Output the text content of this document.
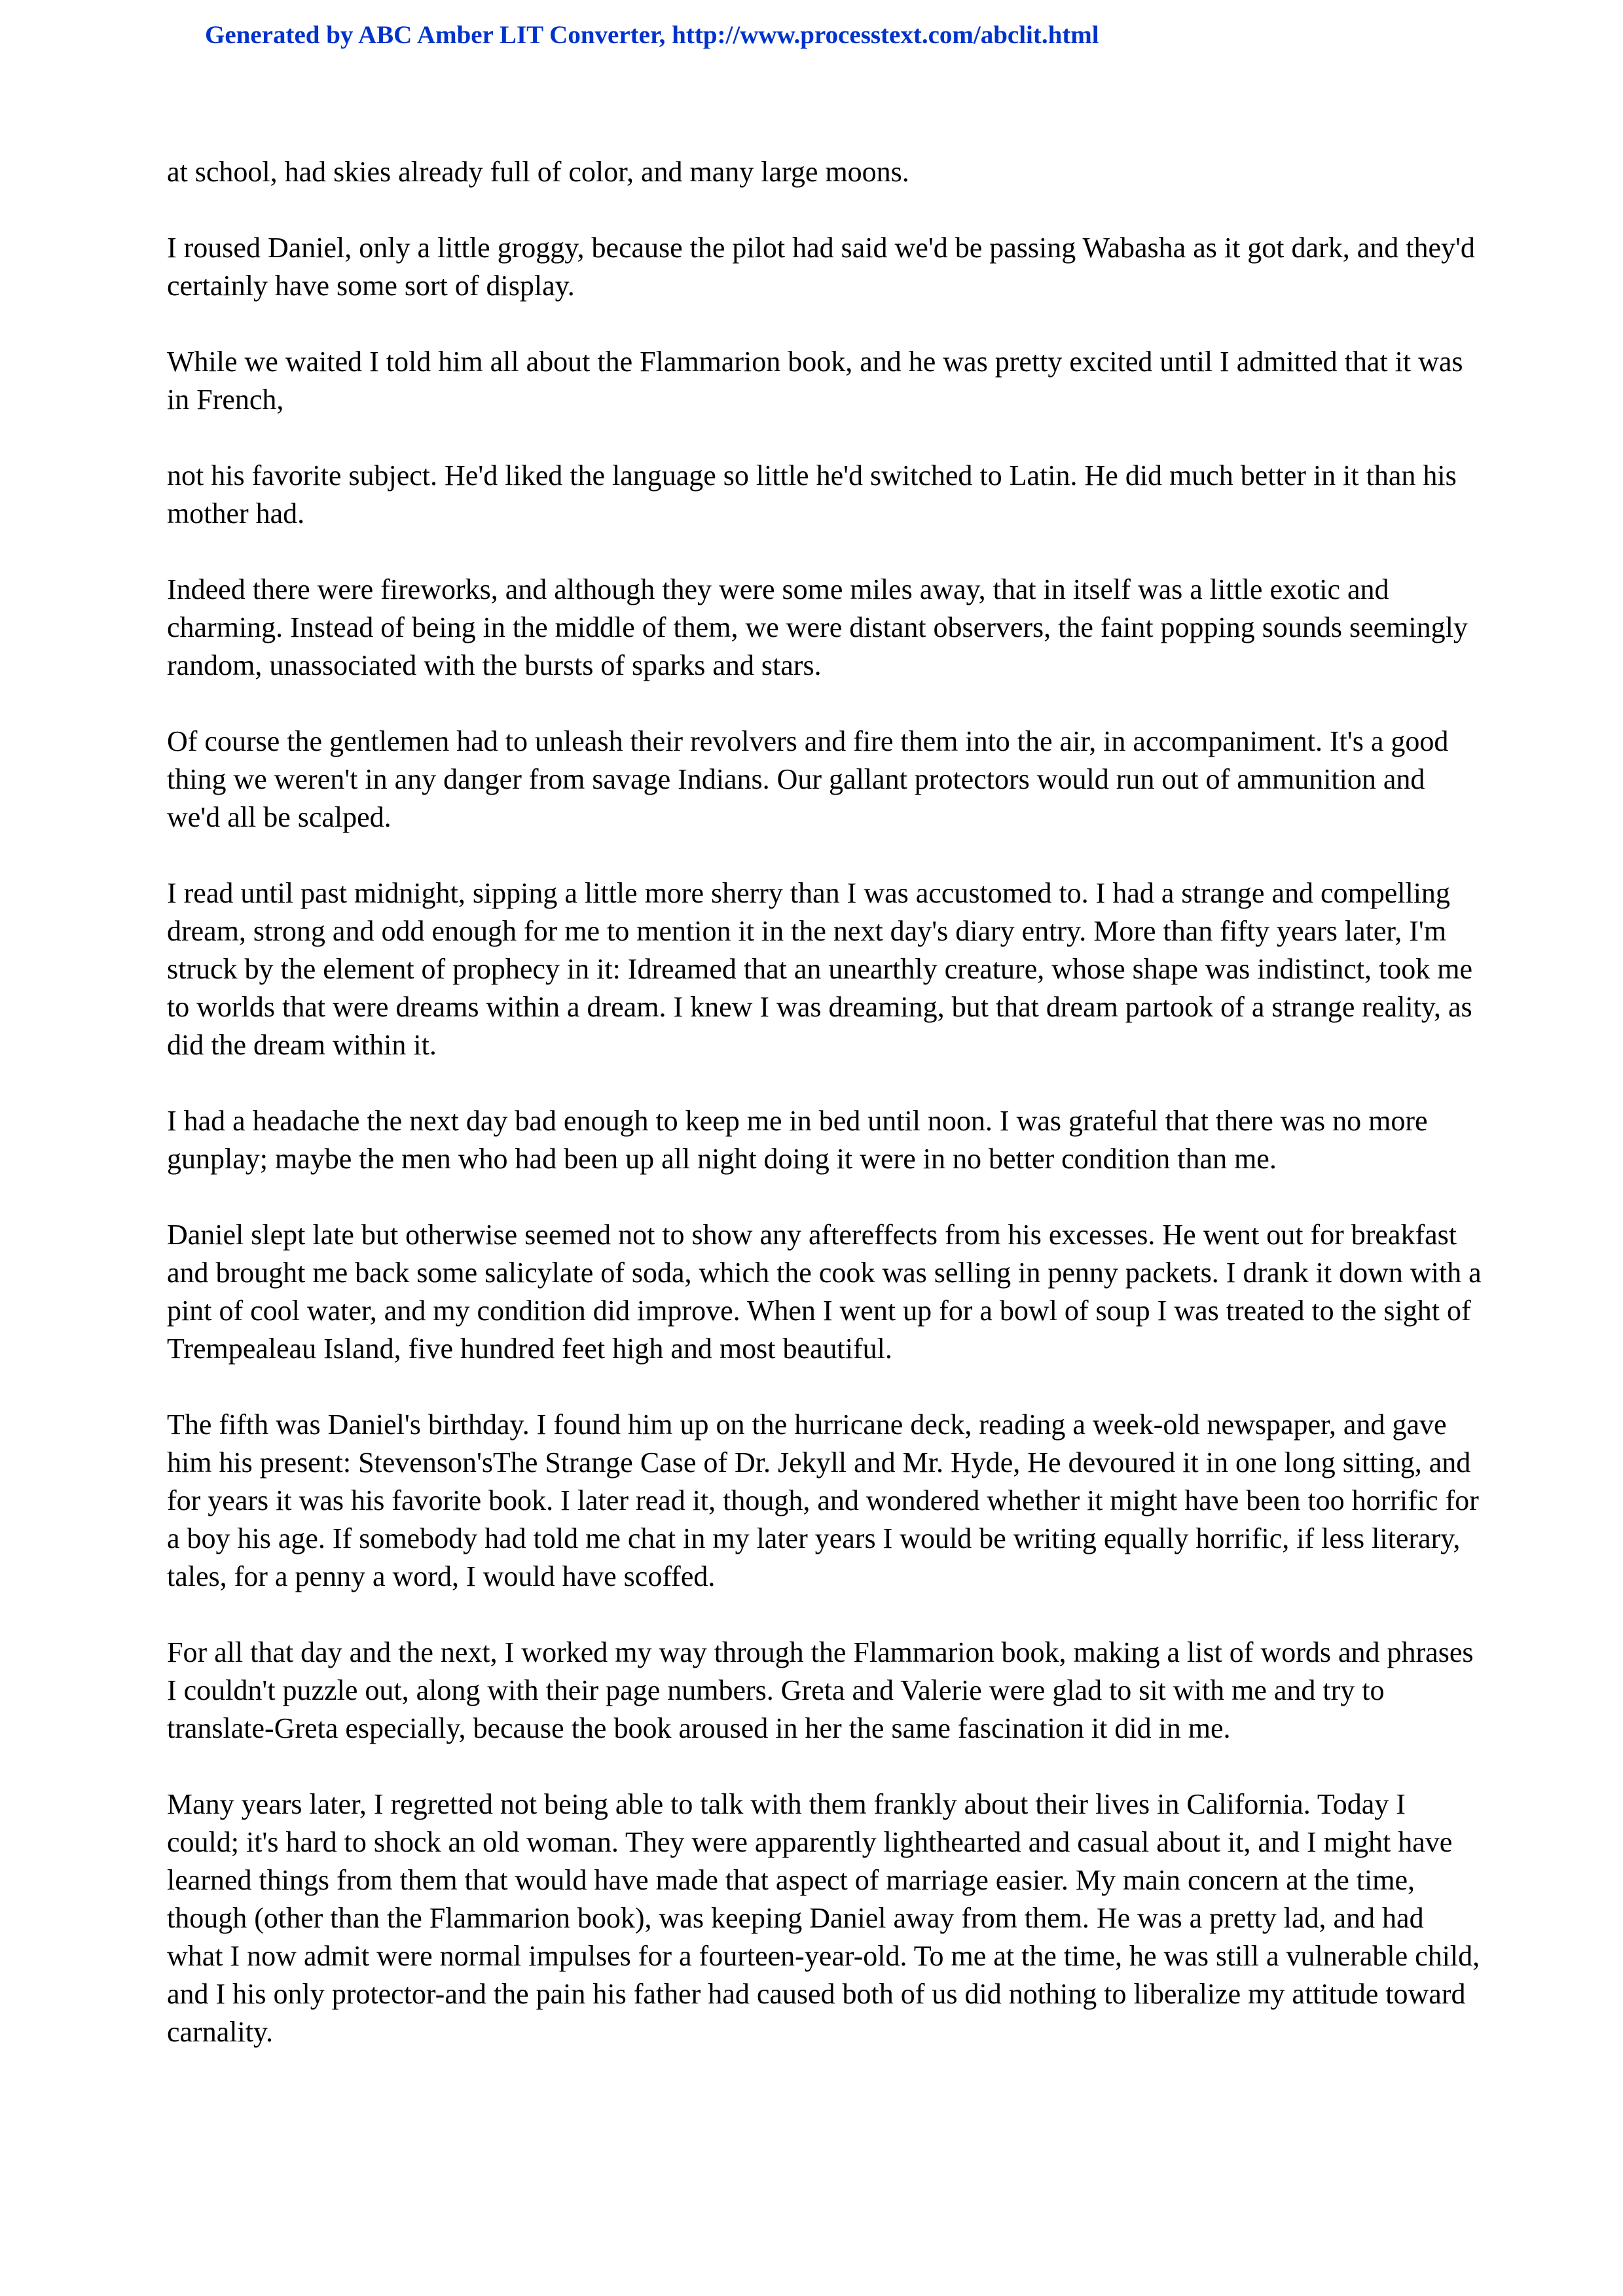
Generated by ABC Amber LIT Converter, http://www.processtext.com/abclit.html

at school, had skies already full of color, and many large moons.

I roused Daniel, only a little groggy, because the pilot had said we'd be passing Wabasha as it got dark, and they'd certainly have some sort of display.

While we waited I told him all about the Flammarion book, and he was pretty excited until I admitted that it was in French,

not his favorite subject. He'd liked the language so little he'd switched to Latin. He did much better in it than his mother had.

Indeed there were fireworks, and although they were some miles away, that in itself was a little exotic and charming. Instead of being in the middle of them, we were distant observers, the faint popping sounds seemingly random, unassociated with the bursts of sparks and stars.

Of course the gentlemen had to unleash their revolvers and fire them into the air, in accompaniment. It's a good thing we weren't in any danger from savage Indians. Our gallant protectors would run out of ammunition and we'd all be scalped.

I read until past midnight, sipping a little more sherry than I was accustomed to. I had a strange and compelling dream, strong and odd enough for me to mention it in the next day's diary entry. More than fifty years later, I'm struck by the element of prophecy in it: Idreamed that an unearthly creature, whose shape was indistinct, took me to worlds that were dreams within a dream. I knew I was dreaming, but that dream partook of a strange reality, as did the dream within it.

I had a headache the next day bad enough to keep me in bed until noon. I was grateful that there was no more gunplay; maybe the men who had been up all night doing it were in no better condition than me.

Daniel slept late but otherwise seemed not to show any aftereffects from his excesses. He went out for breakfast and brought me back some salicylate of soda, which the cook was selling in penny packets. I drank it down with a pint of cool water, and my condition did improve. When I went up for a bowl of soup I was treated to the sight of Trempealeau Island, five hundred feet high and most beautiful.

The fifth was Daniel's birthday. I found him up on the hurricane deck, reading a week-old newspaper, and gave him his present: Stevenson'sThe Strange Case of Dr. Jekyll and Mr. Hyde, He devoured it in one long sitting, and for years it was his favorite book. I later read it, though, and wondered whether it might have been too horrific for a boy his age. If somebody had told me chat in my later years I would be writing equally horrific, if less literary, tales, for a penny a word, I would have scoffed.

For all that day and the next, I worked my way through the Flammarion book, making a list of words and phrases I couldn't puzzle out, along with their page numbers. Greta and Valerie were glad to sit with me and try to translate-Greta especially, because the book aroused in her the same fascination it did in me.

Many years later, I regretted not being able to talk with them frankly about their lives in California. Today I could; it's hard to shock an old woman. They were apparently lighthearted and casual about it, and I might have learned things from them that would have made that aspect of marriage easier. My main concern at the time, though (other than the Flammarion book), was keeping Daniel away from them. He was a pretty lad, and had what I now admit were normal impulses for a fourteen-year-old. To me at the time, he was still a vulnerable child, and I his only protector-and the pain his father had caused both of us did nothing to liberalize my attitude toward carnality.
